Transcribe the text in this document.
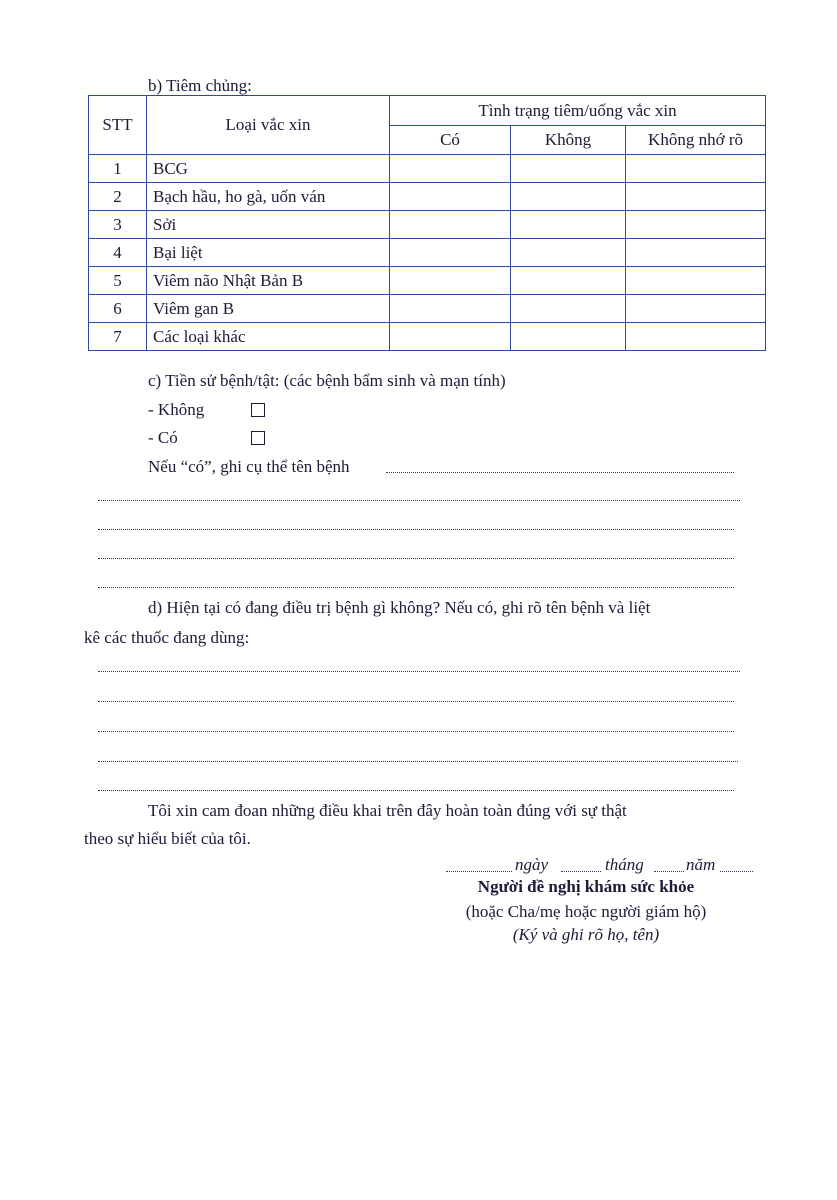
b) Tiêm chủng:
STT	Loại vắc xin	Tình trạng tiêm/uống vắc xin		
		Có	Không	Không nhớ rõ
1	BCG			
2	Bạch hầu, ho gà, uốn ván			
3	Sởi			
4	Bại liệt			
5	Viêm não Nhật Bản B			
6	Viêm gan B			
7	Các loại khác			
c) Tiền sử bệnh/tật: (các bệnh bẩm sinh và mạn tính)
- Không
- Có
Nếu “có”, ghi cụ thể tên bệnh
d) Hiện tại có đang điều trị bệnh gì không? Nếu có, ghi rõ tên bệnh và liệt
kê các thuốc đang dùng:
Tôi xin cam đoan những điều khai trên đây hoàn toàn đúng với sự thật
theo sự hiểu biết của tôi.
ngày	tháng năm
Người đề nghị khám sức khỏe
(hoặc Cha/mẹ hoặc người giám hộ)
(Ký và ghi rõ họ, tên)
